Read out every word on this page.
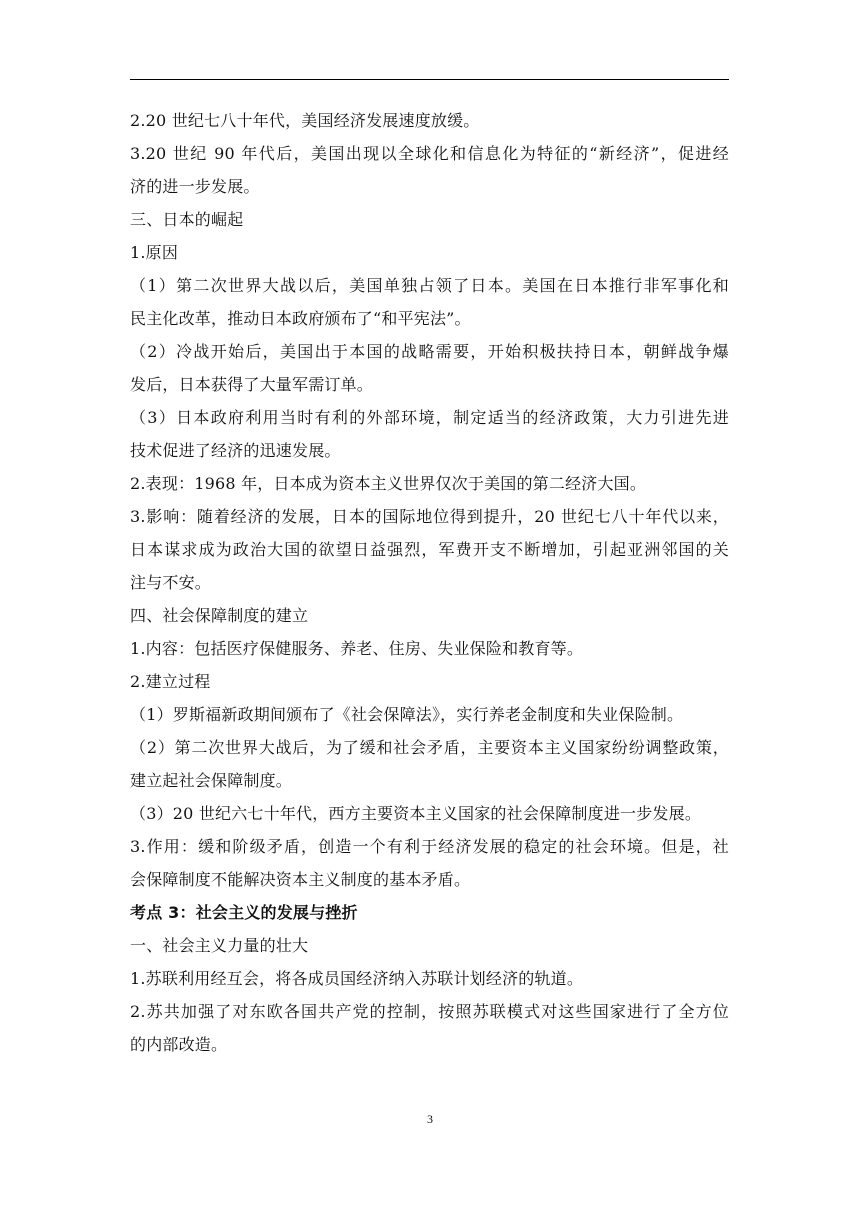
2.20 世纪七八十年代，美国经济发展速度放缓。
3.20 世纪 90 年代后，美国出现以全球化和信息化为特征的“新经济”，促进经
济的进一步发展。
三、日本的崛起
1.原因
（1）第二次世界大战以后，美国单独占领了日本。美国在日本推行非军事化和
民主化改革，推动日本政府颁布了“和平宪法”。
（2）冷战开始后，美国出于本国的战略需要，开始积极扶持日本，朝鲜战争爆
发后，日本获得了大量军需订单。
（3）日本政府利用当时有利的外部环境，制定适当的经济政策，大力引进先进
技术促进了经济的迅速发展。
2.表现：1968 年，日本成为资本主义世界仅次于美国的第二经济大国。
3.影响：随着经济的发展，日本的国际地位得到提升，20 世纪七八十年代以来，
日本谋求成为政治大国的欲望日益强烈，军费开支不断增加，引起亚洲邻国的关
注与不安。
四、社会保障制度的建立
1.内容：包括医疗保健服务、养老、住房、失业保险和教育等。
2.建立过程
（1）罗斯福新政期间颁布了《社会保障法》，实行养老金制度和失业保险制。
（2）第二次世界大战后，为了缓和社会矛盾，主要资本主义国家纷纷调整政策，
建立起社会保障制度。
（3）20 世纪六七十年代，西方主要资本主义国家的社会保障制度进一步发展。
3.作用：缓和阶级矛盾，创造一个有利于经济发展的稳定的社会环境。但是，社
会保障制度不能解决资本主义制度的基本矛盾。
考点 3：社会主义的发展与挫折
一、社会主义力量的壮大
1.苏联利用经互会，将各成员国经济纳入苏联计划经济的轨道。
2.苏共加强了对东欧各国共产党的控制，按照苏联模式对这些国家进行了全方位
的内部改造。
3
